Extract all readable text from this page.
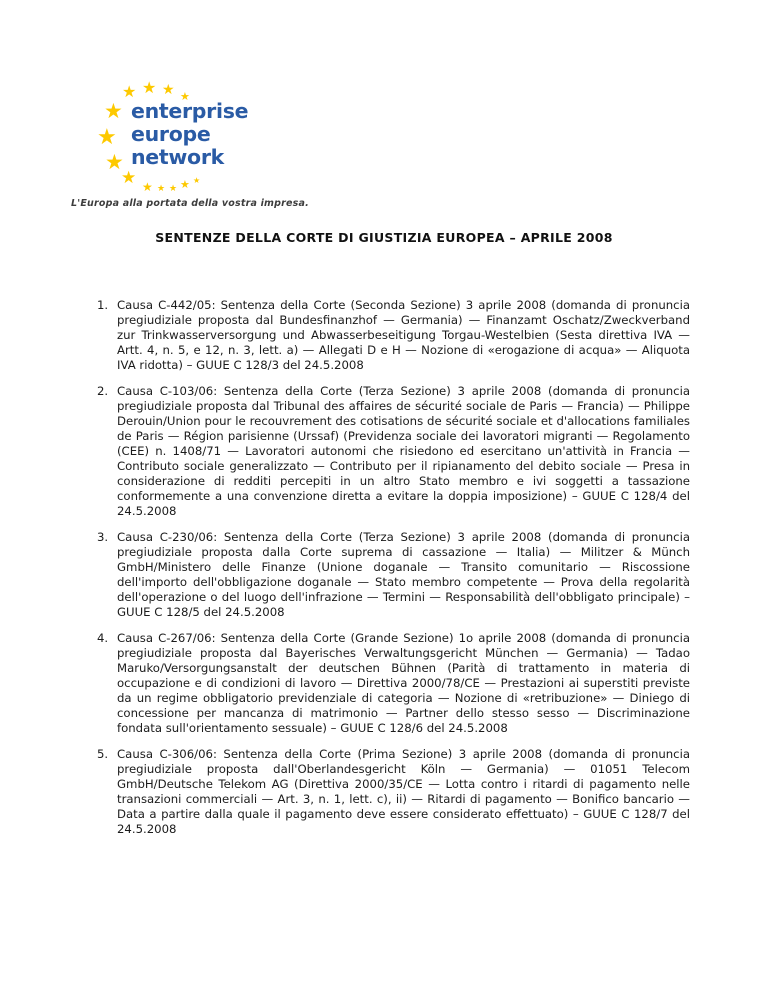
★
★
★
★
★
★
★
★
★
★
★
★
★
enterprise
europe
network
L'Europa alla portata della vostra impresa.
SENTENZE DELLA CORTE DI GIUSTIZIA EUROPEA – APRILE 2008
1. Causa C-442/05: Sentenza della Corte (Seconda Sezione) 3 aprile 2008 (domanda di pronuncia pregiudiziale proposta dal Bundesfinanzhof — Germania) — Finanzamt Oschatz/Zweckverband zur Trinkwasserversorgung und Abwasserbeseitigung Torgau-Westelbien (Sesta direttiva IVA — Artt. 4, n. 5, e 12, n. 3, lett. a) — Allegati D e H — Nozione di «erogazione di acqua» — Aliquota IVA ridotta) – GUUE C 128/3 del 24.5.2008
2. Causa C-103/06: Sentenza della Corte (Terza Sezione) 3 aprile 2008 (domanda di pronuncia pregiudiziale proposta dal Tribunal des affaires de sécurité sociale de Paris — Francia) — Philippe Derouin/Union pour le recouvrement des cotisations de sécurité sociale et d'allocations familiales de Paris — Région parisienne (Urssaf) (Previdenza sociale dei lavoratori migranti — Regolamento (CEE) n. 1408/71 — Lavoratori autonomi che risiedono ed esercitano un'attività in Francia — Contributo sociale generalizzato — Contributo per il ripianamento del debito sociale — Presa in considerazione di redditi percepiti in un altro Stato membro e ivi soggetti a tassazione conformemente a una convenzione diretta a evitare la doppia imposizione) – GUUE C 128/4 del 24.5.2008
3. Causa C-230/06: Sentenza della Corte (Terza Sezione) 3 aprile 2008 (domanda di pronuncia pregiudiziale proposta dalla Corte suprema di cassazione — Italia) — Militzer & Münch GmbH/Ministero delle Finanze (Unione doganale — Transito comunitario — Riscossione dell'importo dell'obbligazione doganale — Stato membro competente — Prova della regolarità dell'operazione o del luogo dell'infrazione — Termini — Responsabilità dell'obbligato principale) – GUUE C 128/5 del 24.5.2008
4. Causa C-267/06: Sentenza della Corte (Grande Sezione) 1o aprile 2008 (domanda di pronuncia pregiudiziale proposta dal Bayerisches Verwaltungsgericht München — Germania) — Tadao Maruko/Versorgungsanstalt der deutschen Bühnen (Parità di trattamento in materia di occupazione e di condizioni di lavoro — Direttiva 2000/78/CE — Prestazioni ai superstiti previste da un regime obbligatorio previdenziale di categoria — Nozione di «retribuzione» — Diniego di concessione per mancanza di matrimonio — Partner dello stesso sesso — Discriminazione fondata sull'orientamento sessuale) – GUUE C 128/6 del 24.5.2008
5. Causa C-306/06: Sentenza della Corte (Prima Sezione) 3 aprile 2008 (domanda di pronuncia pregiudiziale proposta dall'Oberlandesgericht Köln — Germania) — 01051 Telecom GmbH/Deutsche Telekom AG (Direttiva 2000/35/CE — Lotta contro i ritardi di pagamento nelle transazioni commerciali — Art. 3, n. 1, lett. c), ii) — Ritardi di pagamento — Bonifico bancario — Data a partire dalla quale il pagamento deve essere considerato effettuato) – GUUE C 128/7 del 24.5.2008
